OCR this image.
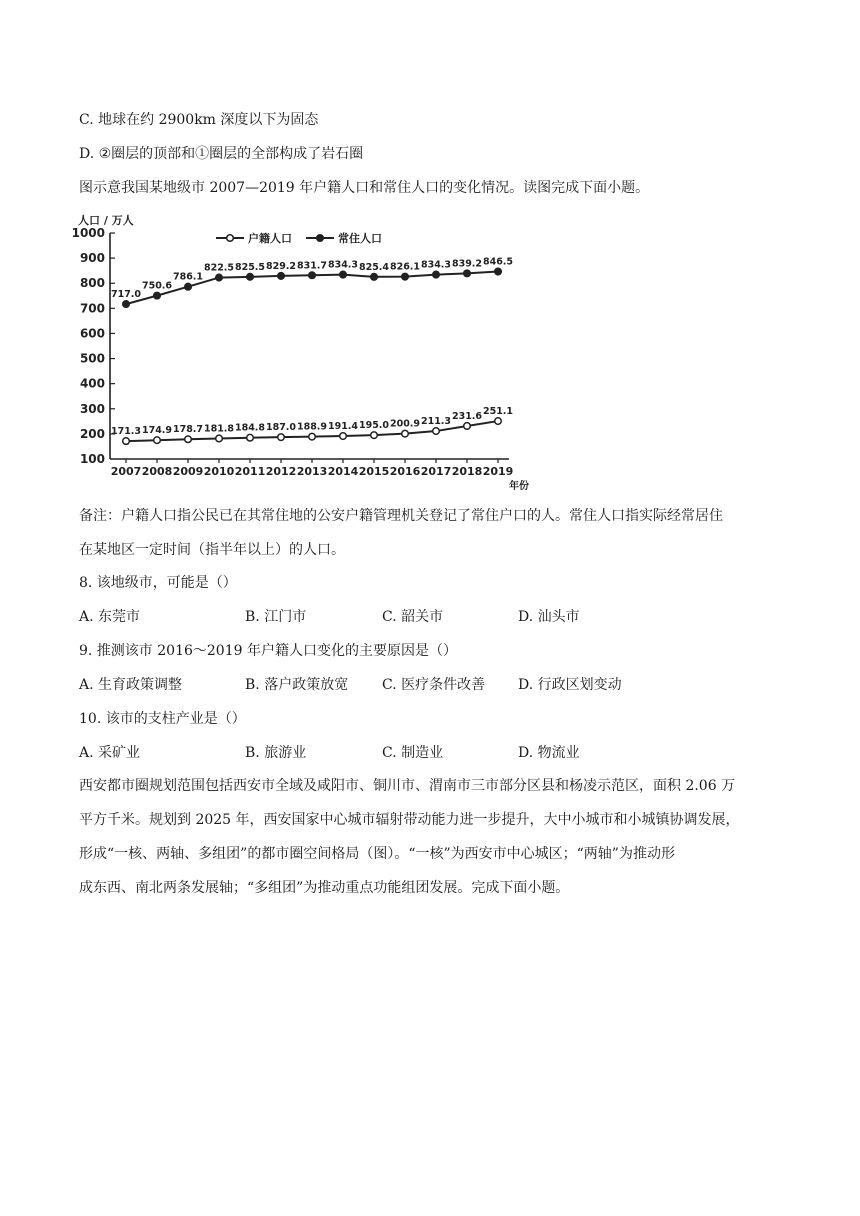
C. 地球在约 2900km 深度以下为固态
D. ②圈层的顶部和①圈层的全部构成了岩石圈
图示意我国某地级市 2007—2019 年户籍人口和常住人口的变化情况。读图完成下面小题。
人口 / 万人
年份
户籍人口	常住人口
100
200
300
400
500
600
700
800
900
1000
2007 2008 2009 2010 2011 2012 2013 2014 2015 2016 2017 2018 2019
171.3 174.9 178.7 181.8 184.8 187.0 188.9 191.4 195.0 200.9 211.3 231.6 251.1
717.0
750.6
786.1
822.5 825.5 829.2 831.7 834.3 825.4 826.1 834.3 839.2 846.5
备注：户籍人口指公民已在其常住地的公安户籍管理机关登记了常住户口的人。常住人口指实际经常居住
在某地区一定时间（指半年以上）的人口。
8. 该地级市，可能是（）
A. 东莞市	B. 江门市	C. 韶关市	D. 汕头市
9. 推测该市 2016～2019 年户籍人口变化的主要原因是（）
A. 生育政策调整	B. 落户政策放宽 C. 医疗条件改善 D. 行政区划变动
10. 该市的支柱产业是（）
A. 采矿业	B. 旅游业	C. 制造业	D. 物流业
西安都市圈规划范围包括西安市全域及咸阳市、铜川市、渭南市三市部分区县和杨凌示范区，面积 2.06 万
平方千米。规划到 2025 年，西安国家中心城市辐射带动能力进一步提升，大中小城市和小城镇协调发展，
形成“一核、两轴、多组团”的都市圈空间格局（图）。“一核”为西安市中心城区；“两轴”为推动形
成东西、南北两条发展轴；“多组团”为推动重点功能组团发展。完成下面小题。
